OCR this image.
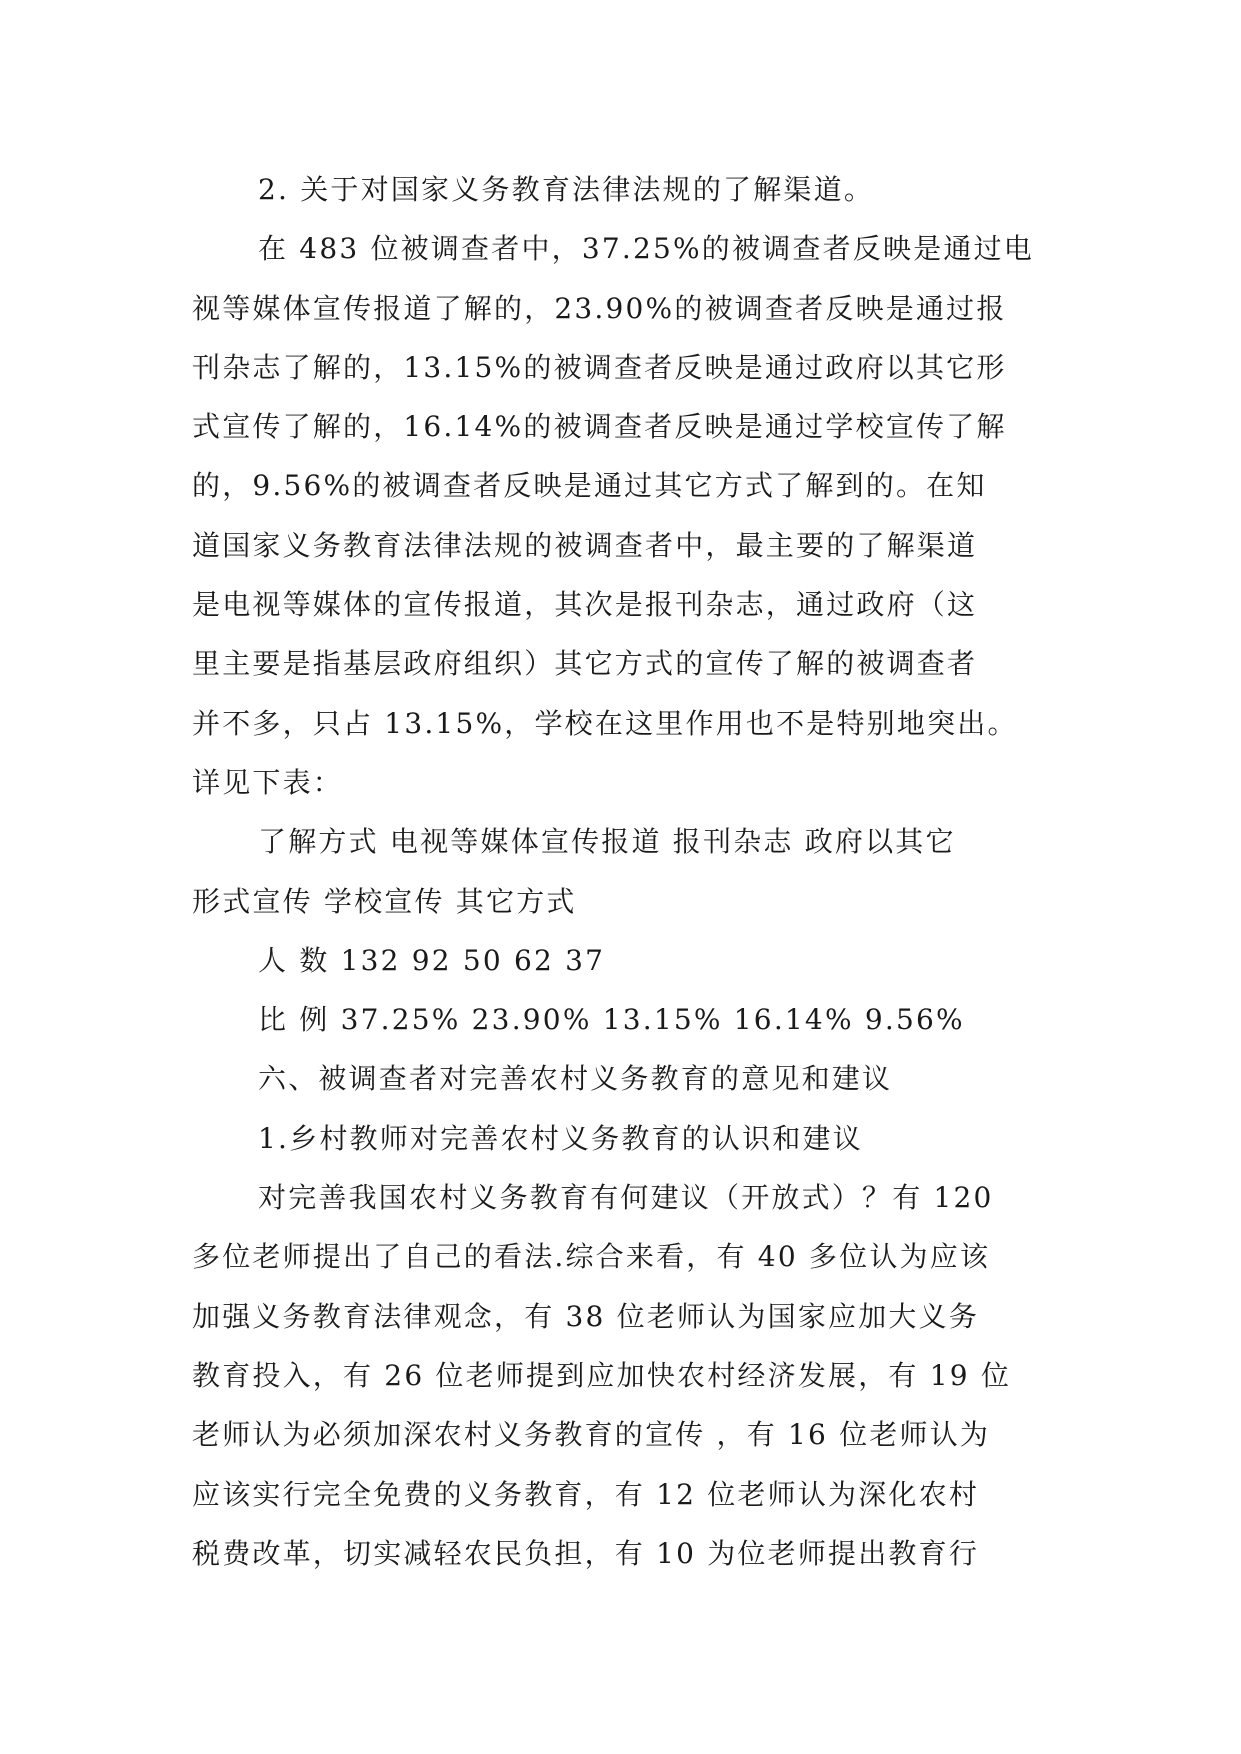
2. 关于对国家义务教育法律法规的了解渠道。
在 483 位被调查者中，37.25%的被调查者反映是通过电
视等媒体宣传报道了解的，23.90%的被调查者反映是通过报
刊杂志了解的，13.15%的被调查者反映是通过政府以其它形
式宣传了解的，16.14%的被调查者反映是通过学校宣传了解
的，9.56%的被调查者反映是通过其它方式了解到的。在知
道国家义务教育法律法规的被调查者中，最主要的了解渠道
是电视等媒体的宣传报道，其次是报刊杂志，通过政府（这
里主要是指基层政府组织）其它方式的宣传了解的被调查者
并不多，只占 13.15%，学校在这里作用也不是特别地突出。
详见下表：
了解方式 电视等媒体宣传报道 报刊杂志 政府以其它
形式宣传 学校宣传 其它方式
人 数 132 92 50 62 37
比 例 37.25% 23.90% 13.15% 16.14% 9.56%
六、被调查者对完善农村义务教育的意见和建议
1.乡村教师对完善农村义务教育的认识和建议
对完善我国农村义务教育有何建议（开放式）？有 120
多位老师提出了自己的看法.综合来看，有 40 多位认为应该
加强义务教育法律观念，有 38 位老师认为国家应加大义务
教育投入，有 26 位老师提到应加快农村经济发展，有 19 位
老师认为必须加深农村义务教育的宣传 ，有 16 位老师认为
应该实行完全免费的义务教育，有 12 位老师认为深化农村
税费改革，切实减轻农民负担，有 10 为位老师提出教育行
